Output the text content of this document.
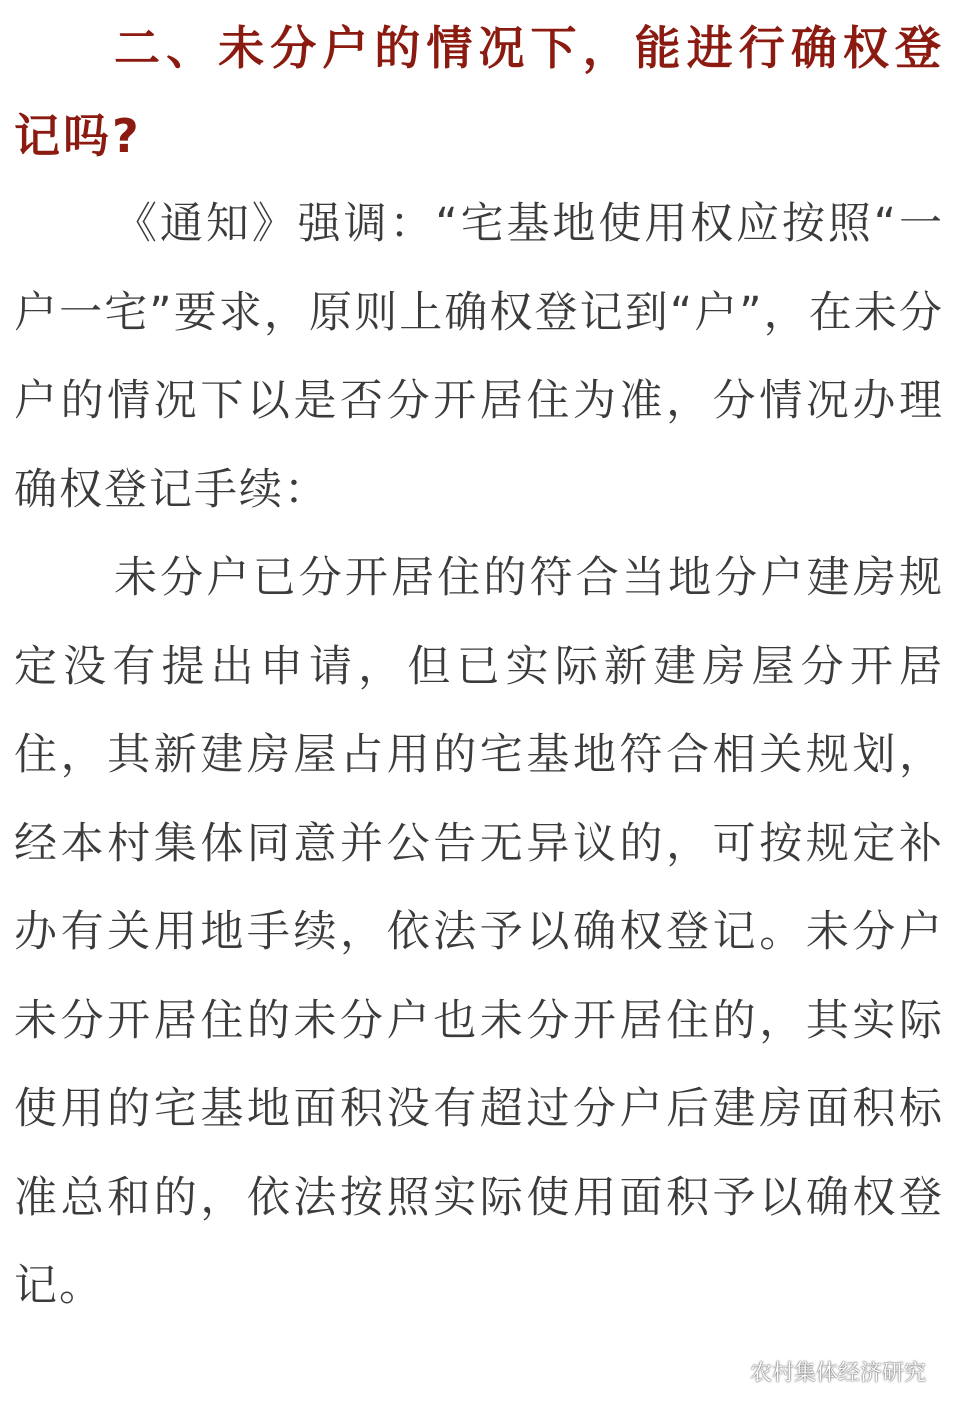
二、未分户的情况下，能进行确权登记吗?

《通知》强调：“宅基地使用权应按照“一户一宅”要求，原则上确权登记到“户”，在未分户的情况下以是否分开居住为准，分情况办理确权登记手续：

未分户已分开居住的符合当地分户建房规定没有提出申请，但已实际新建房屋分开居住，其新建房屋占用的宅基地符合相关规划，经本村集体同意并公告无异议的，可按规定补办有关用地手续，依法予以确权登记。未分户未分开居住的未分户也未分开居住的，其实际使用的宅基地面积没有超过分户后建房面积标准总和的，依法按照实际使用面积予以确权登记。

农村集体经济研究
